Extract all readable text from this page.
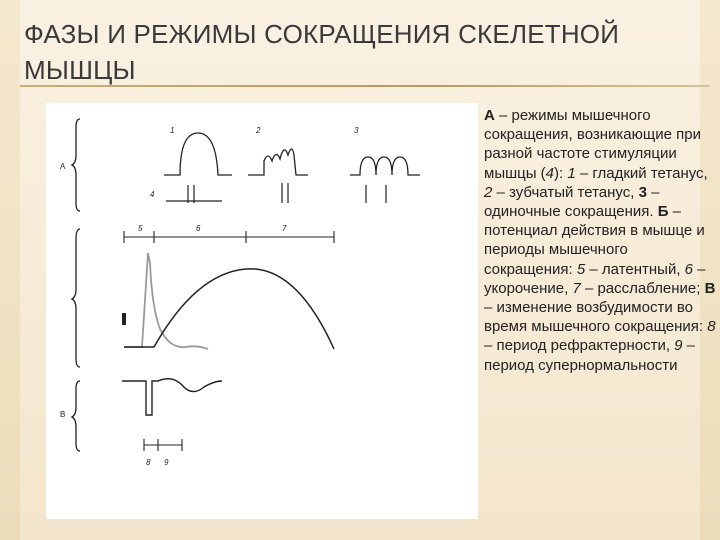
ФАЗЫ И РЕЖИМЫ СОКРАЩЕНИЯ СКЕЛЕТНОЙ
МЫШЦЫ
А
В
1	2	3
4
5	6	7
8 9
А – режимы мышечного сокращения, возникающие при разной частоте стимуляции мышцы (4): 1 – гладкий тетанус, 2 – зубчатый тетанус, 3 – одиночные сокращения. Б – потенциал действия в мышце и периоды мышечного сокращения: 5 – латентный, 6 – укорочение, 7 – расслабление; В – изменение возбудимости во время мышечного сокращения: 8 – период рефрактерности, 9 – период супернормальности
